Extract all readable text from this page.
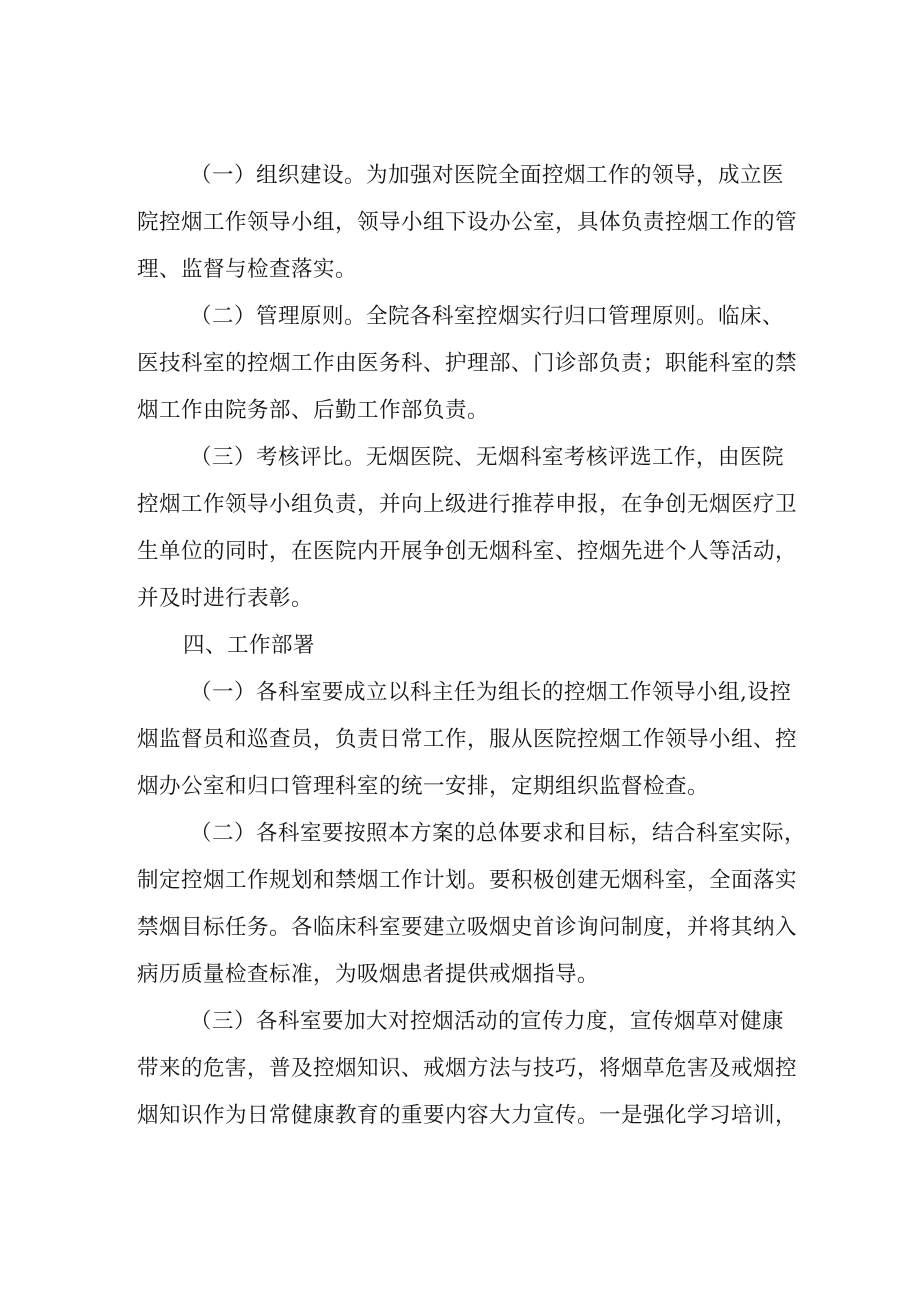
（一）组织建设。为加强对医院全面控烟工作的领导，成立医
院控烟工作领导小组，领导小组下设办公室，具体负责控烟工作的管
理、监督与检查落实。
（二）管理原则。全院各科室控烟实行归口管理原则。临床、
医技科室的控烟工作由医务科、护理部、门诊部负责；职能科室的禁
烟工作由院务部、后勤工作部负责。
（三）考核评比。无烟医院、无烟科室考核评选工作，由医院
控烟工作领导小组负责，并向上级进行推荐申报，在争创无烟医疗卫
生单位的同时，在医院内开展争创无烟科室、控烟先进个人等活动，
并及时进行表彰。
四、工作部署
（一）各科室要成立以科主任为组长的控烟工作领导小组,设控
烟监督员和巡查员，负责日常工作，服从医院控烟工作领导小组、控
烟办公室和归口管理科室的统一安排，定期组织监督检查。
（二）各科室要按照本方案的总体要求和目标，结合科室实际，
制定控烟工作规划和禁烟工作计划。要积极创建无烟科室，全面落实
禁烟目标任务。各临床科室要建立吸烟史首诊询问制度，并将其纳入
病历质量检查标准，为吸烟患者提供戒烟指导。
（三）各科室要加大对控烟活动的宣传力度，宣传烟草对健康
带来的危害，普及控烟知识、戒烟方法与技巧，将烟草危害及戒烟控
烟知识作为日常健康教育的重要内容大力宣传。一是强化学习培训，
